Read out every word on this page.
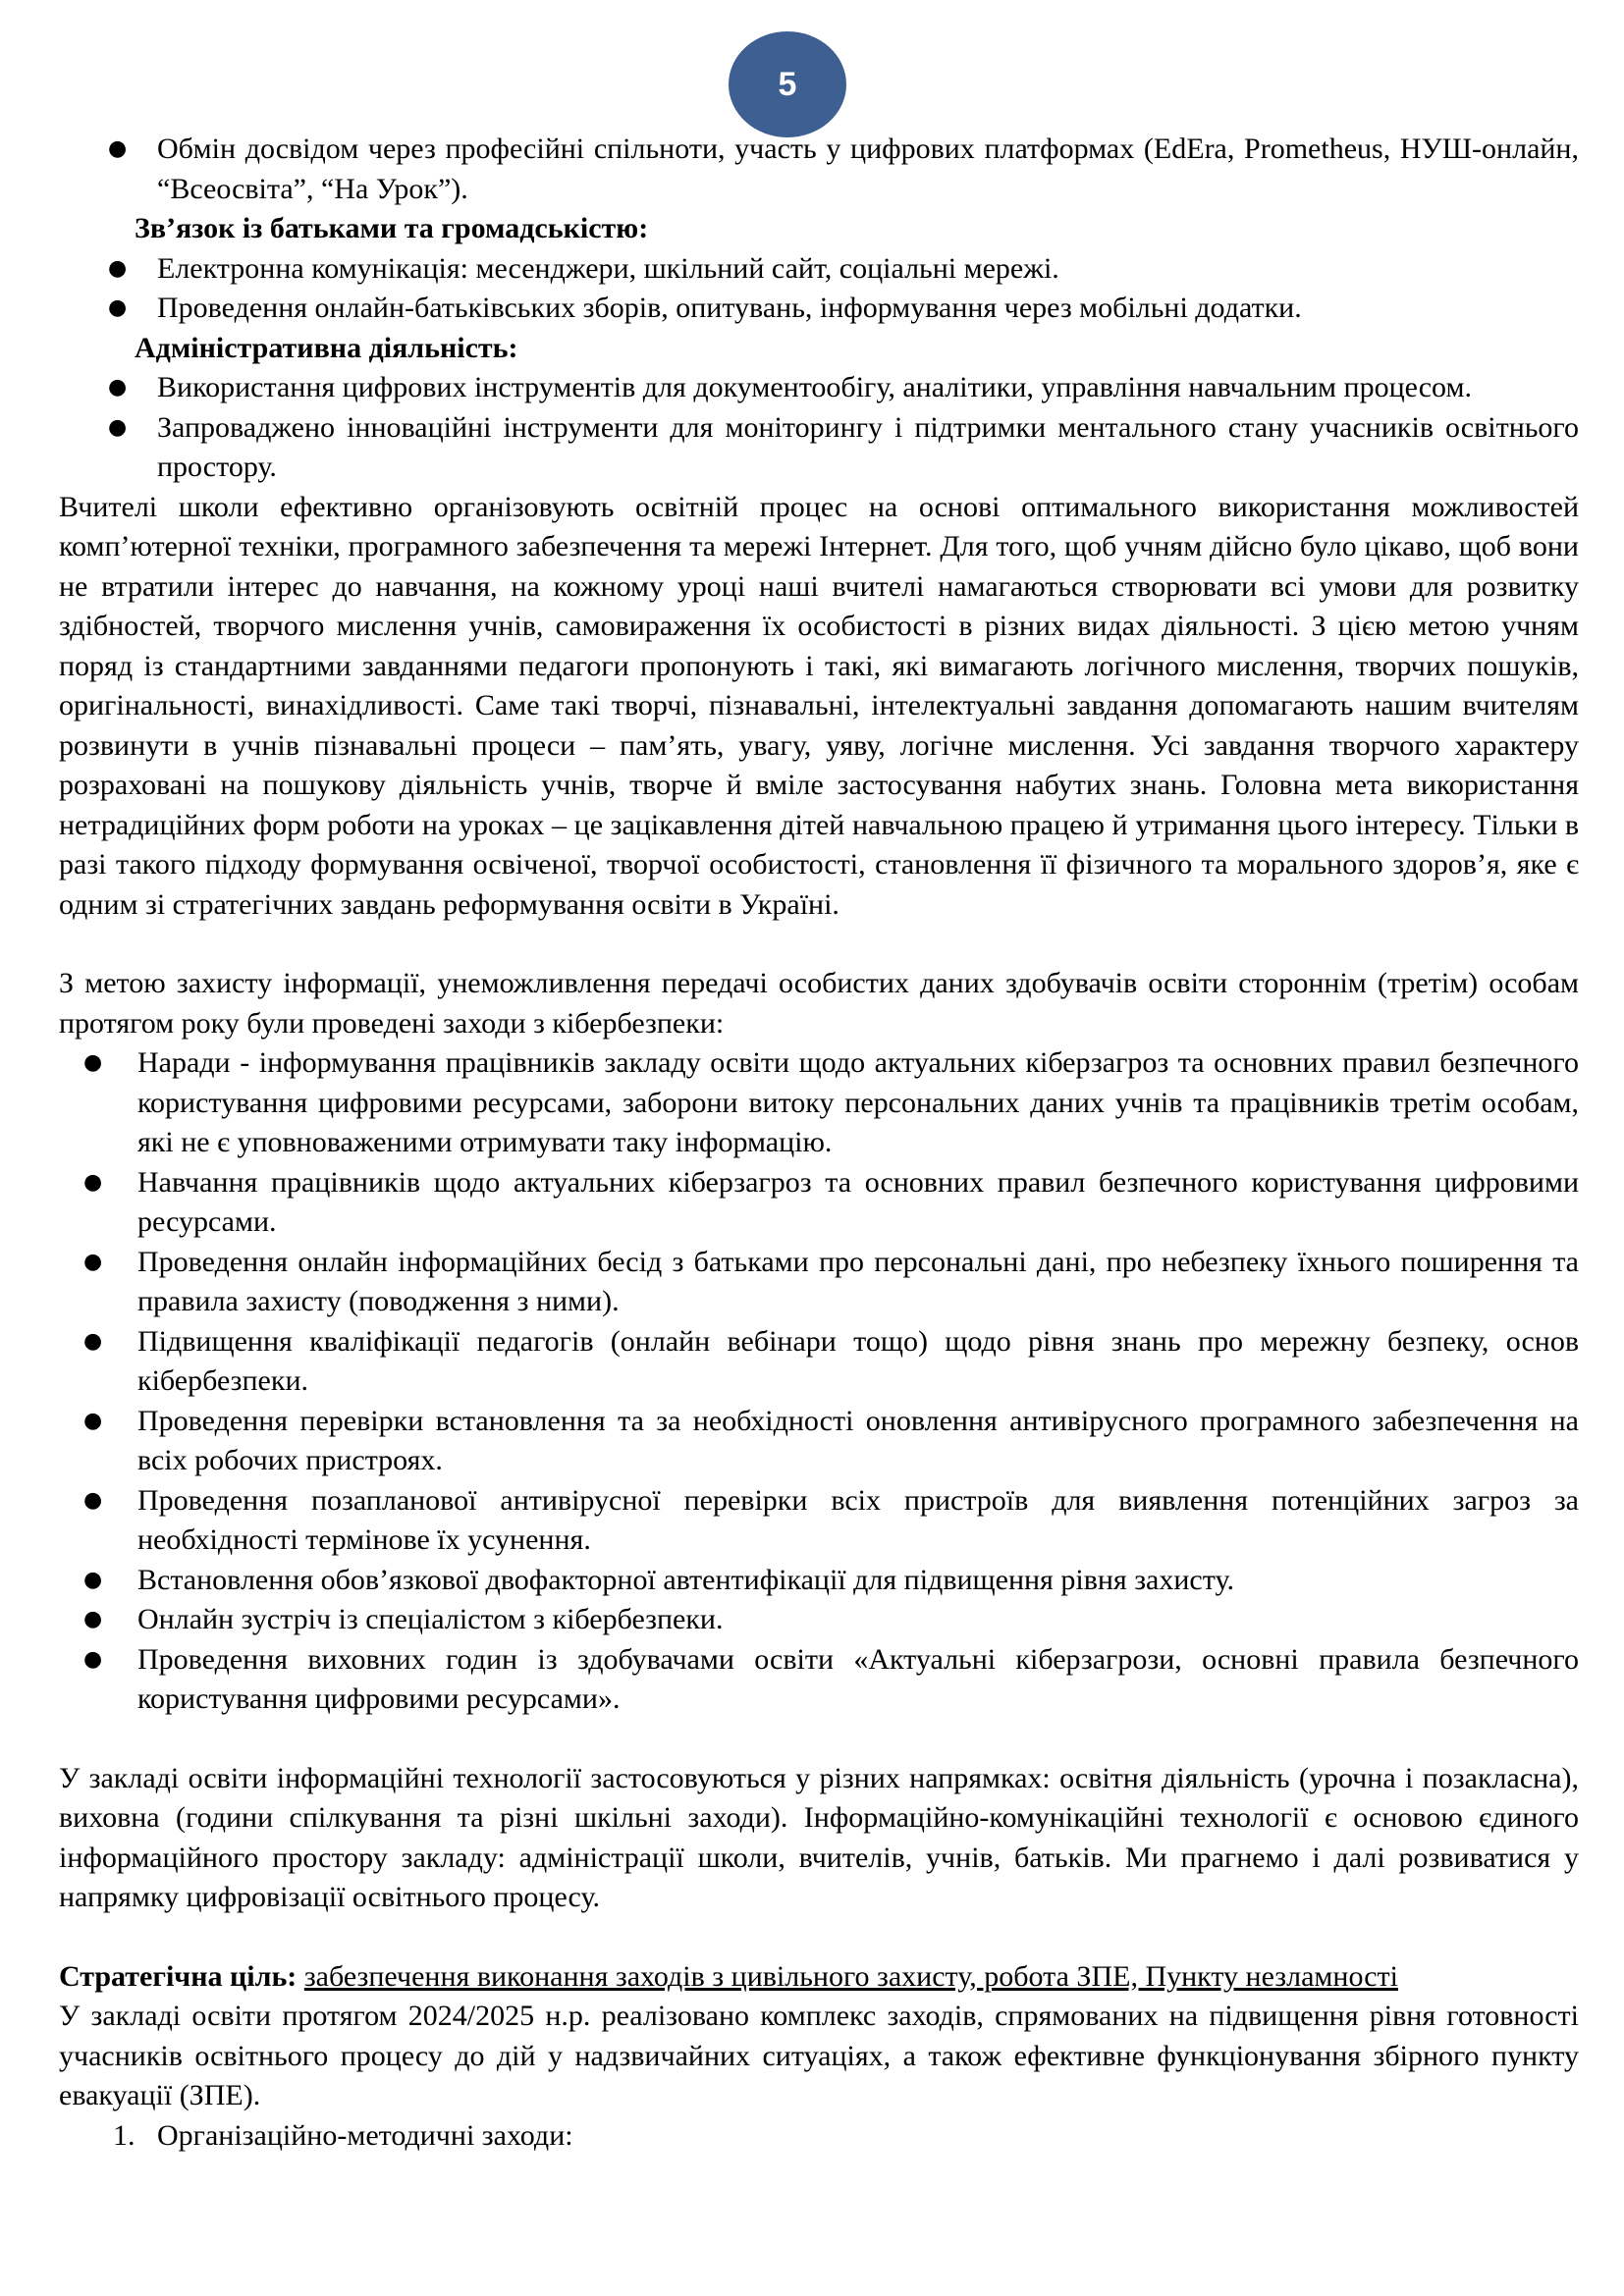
5
● Обмін досвідом через професійні спільноти, участь у цифрових платформах (EdEra, Prometheus, НУШ-онлайн, “Всеосвіта”, “На Урок”).

Зв’язок із батьками та громадськістю:

● Електронна комунікація: месенджери, шкільний сайт, соціальні мережі.
● Проведення онлайн-батьківських зборів, опитувань, інформування через мобільні додатки.

Адміністративна діяльність:

● Використання цифрових інструментів для документообігу, аналітики, управління навчальним процесом.
● Запроваджено інноваційні інструменти для моніторингу і підтримки ментального стану учасників освітнього простору.

Вчителі школи ефективно організовують освітній процес на основі оптимального використання можливостей комп’ютерної техніки, програмного забезпечення та мережі Інтернет. Для того, щоб учням дійсно було цікаво, щоб вони не втратили інтерес до навчання, на кожному уроці наші вчителі намагаються створювати всі умови для розвитку здібностей, творчого мислення учнів, самовираження їх особистості в різних видах діяльності. З цією метою учням поряд із стандартними завданнями педагоги пропонують і такі, які вимагають логічного мислення, творчих пошуків, оригінальності, винахідливості. Саме такі творчі, пізнавальні, інтелектуальні завдання допомагають нашим вчителям розвинути в учнів пізнавальні процеси – пам’ять, увагу, уяву, логічне мислення. Усі завдання творчого характеру розраховані на пошукову діяльність учнів, творче й вміле застосування набутих знань. Головна мета використання нетрадиційних форм роботи на уроках – це зацікавлення дітей навчальною працею й утримання цього інтересу. Тільки в разі такого підходу формування освіченої, творчої особистості, становлення її фізичного та морального здоров’я, яке є одним зі стратегічних завдань реформування освіти в Україні.

З метою захисту інформації, унеможливлення передачі особистих даних здобувачів освіти стороннім (третім) особам протягом року були проведені заходи з кібербезпеки:

● Наради - інформування працівників закладу освіти щодо актуальних кіберзагроз та основних правил безпечного користування цифровими ресурсами, заборони витоку персональних даних учнів та працівників третім особам, які не є уповноваженими отримувати таку інформацію.
● Навчання працівників щодо актуальних кіберзагроз та основних правил безпечного користування цифровими ресурсами.
● Проведення онлайн інформаційних бесід з батьками про персональні дані, про небезпеку їхнього поширення та правила захисту (поводження з ними).
● Підвищення кваліфікації педагогів (онлайн вебінари тощо) щодо рівня знань про мережну безпеку, основ кібербезпеки.
● Проведення перевірки встановлення та за необхідності оновлення антивірусного програмного забезпечення на всіх робочих пристроях.
● Проведення позапланової антивірусної перевірки всіх пристроїв для виявлення потенційних загроз за необхідності термінове їх усунення.
● Встановлення обов’язкової двофакторної автентифікації для підвищення рівня захисту.
● Онлайн зустріч із спеціалістом з кібербезпеки.
● Проведення виховних годин із здобувачами освіти «Актуальні кіберзагрози, основні правила безпечного користування цифровими ресурсами».

У закладі освіти інформаційні технології застосовуються у різних напрямках: освітня діяльність (урочна і позакласна), виховна (години спілкування та різні шкільні заходи). Інформаційно-комунікаційні технології є основою єдиного інформаційного простору закладу: адміністрації школи, вчителів, учнів, батьків. Ми прагнемо і далі розвиватися у напрямку цифровізації освітнього процесу.

Стратегічна ціль: забезпечення виконання заходів з цивільного захисту, робота ЗПЕ, Пункту незламності

У закладі освіти протягом 2024/2025 н.р. реалізовано комплекс заходів, спрямованих на підвищення рівня готовності учасників освітнього процесу до дій у надзвичайних ситуаціях, а також ефективне функціонування збірного пункту евакуації (ЗПЕ).

1. Організаційно-методичні заходи:
